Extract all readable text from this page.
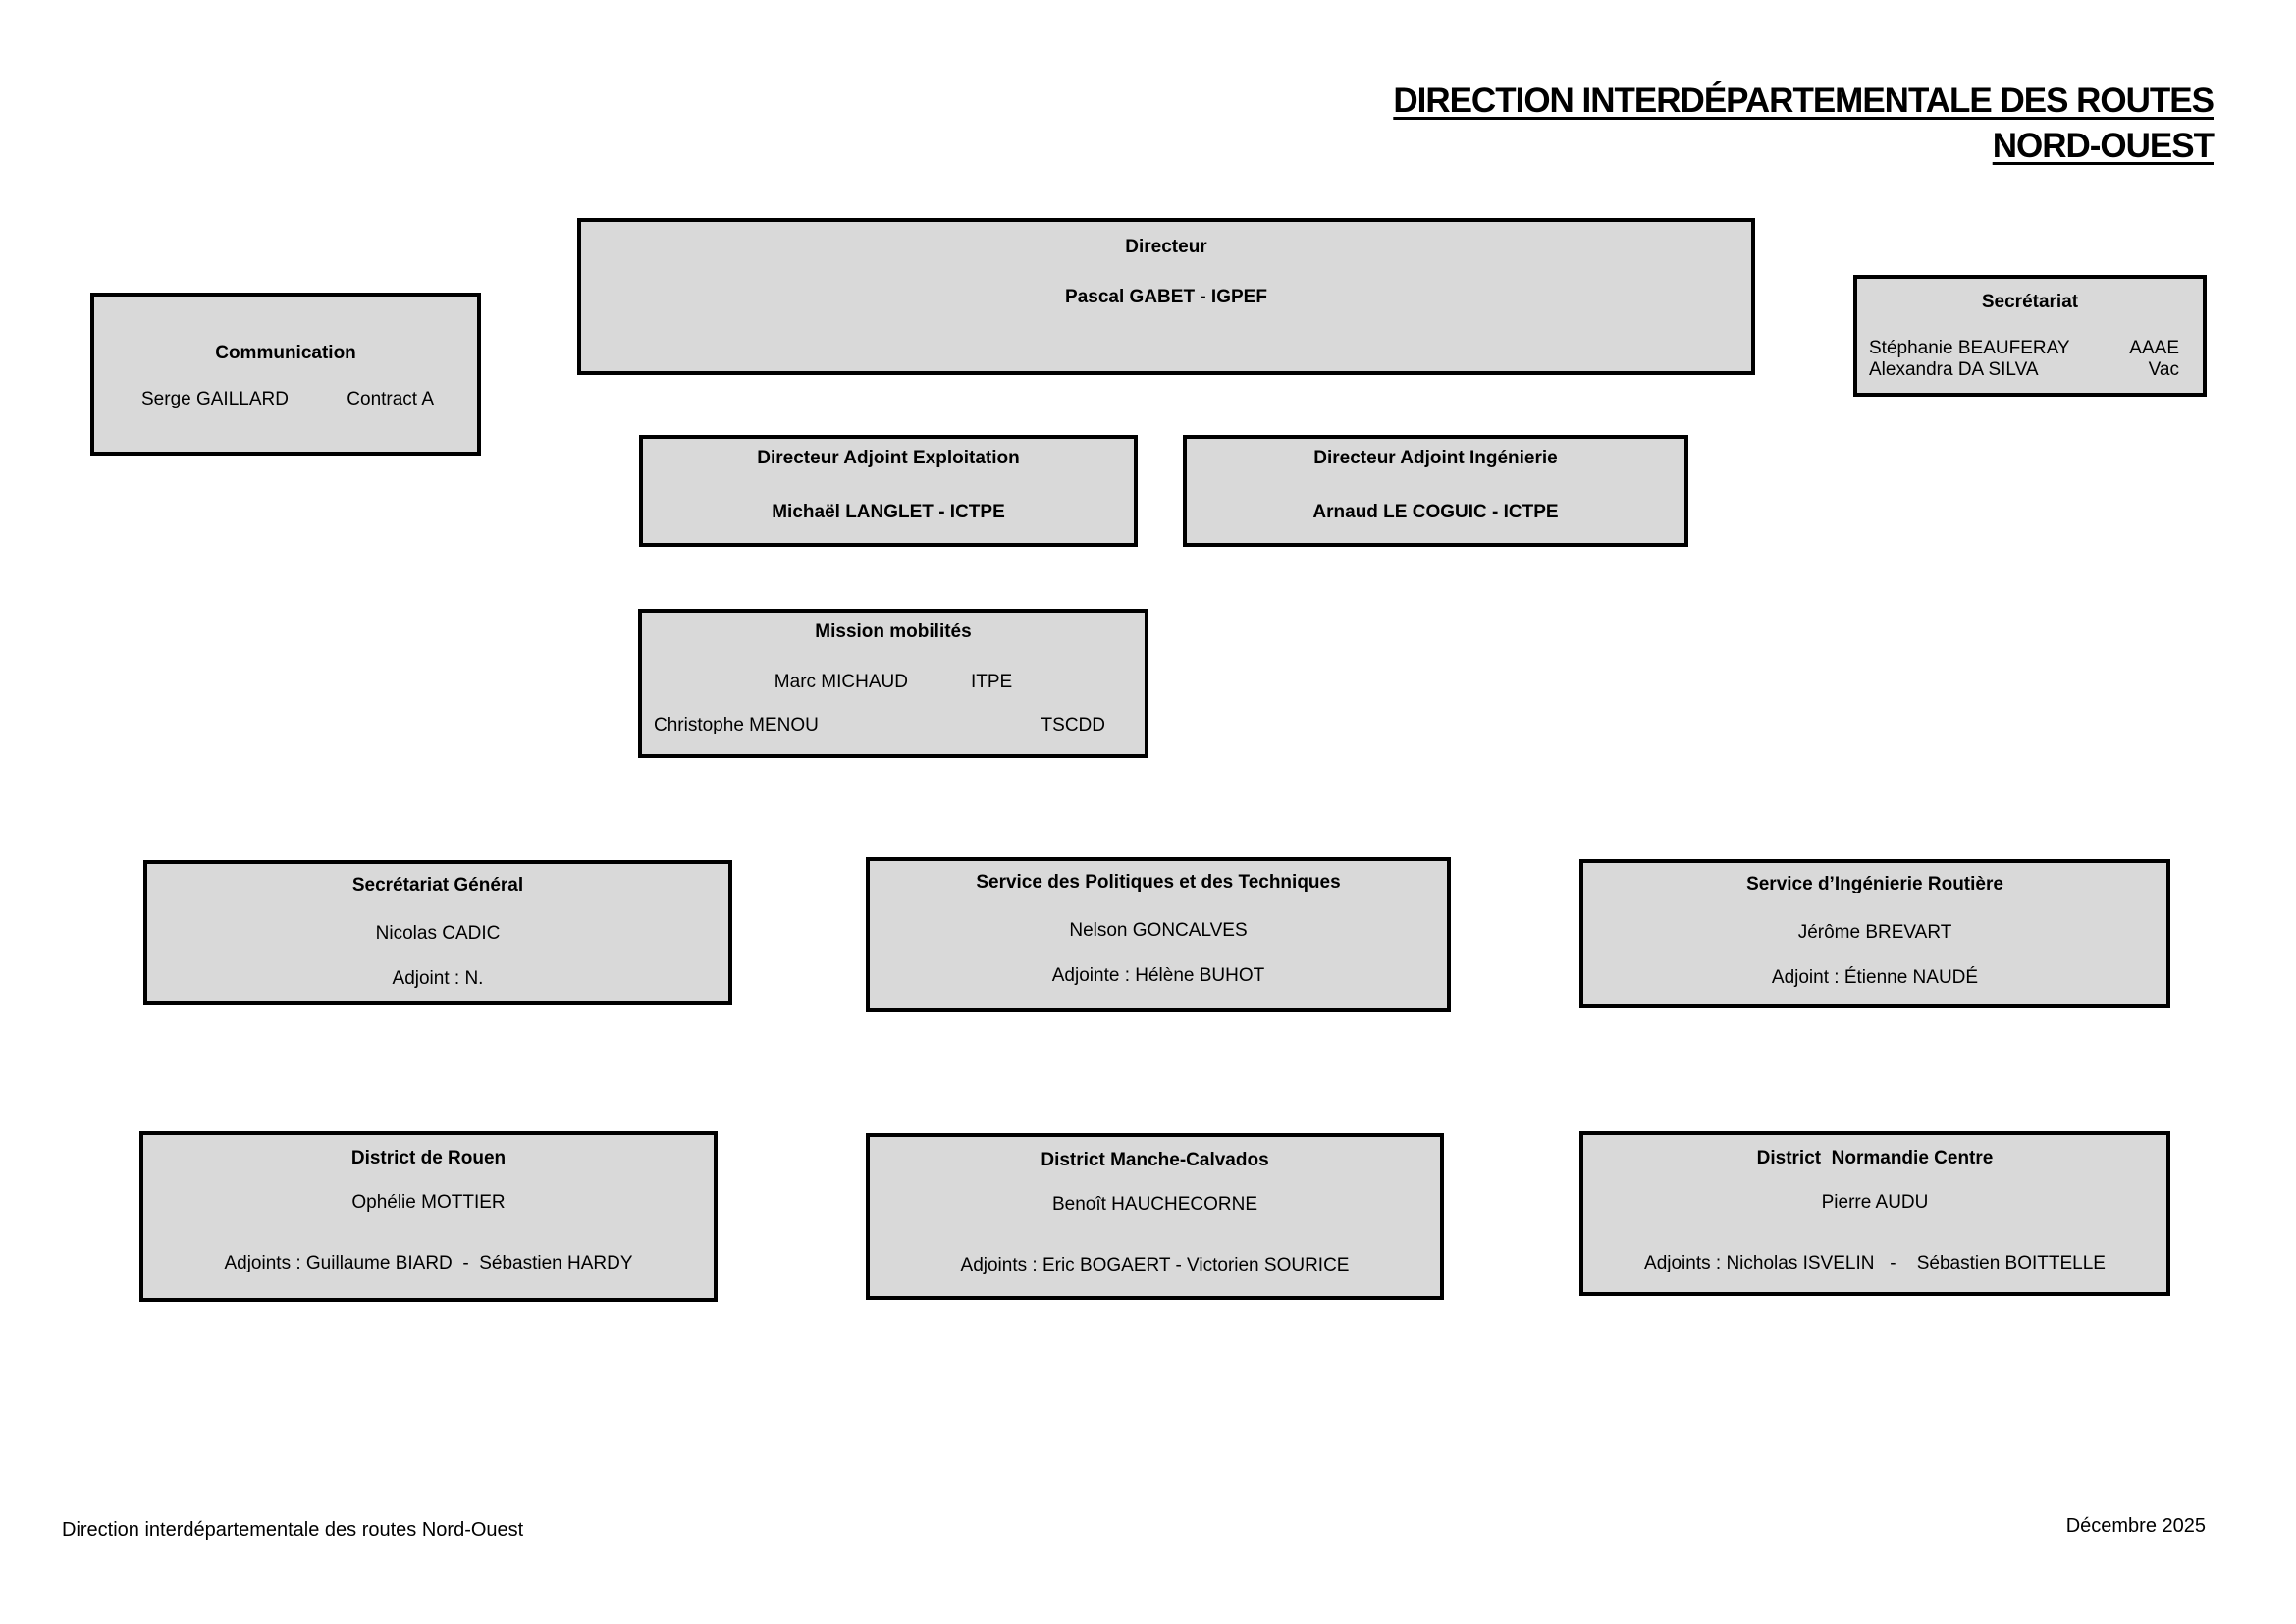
DIRECTION INTERDÉPARTEMENTALE DES ROUTES
NORD-OUEST
Directeur
Pascal GABET - IGPEF
Communication
Serge GAILLARD	Contract A
Secrétariat
Stéphanie BEAUFERAY	AAAE
Alexandra DA SILVA	Vac
Directeur Adjoint Exploitation
Michaël LANGLET - ICTPE
Directeur Adjoint Ingénierie
Arnaud LE COGUIC - ICTPE
Mission mobilités
Marc MICHAUD	ITPE
Christophe MENOU	TSCDD
Secrétariat Général
Nicolas CADIC
Adjoint : N.
Service des Politiques et des Techniques
Nelson GONCALVES
Adjointe : Hélène BUHOT
Service d’Ingénierie Routière
Jérôme BREVART
Adjoint : Étienne NAUDÉ
District de Rouen
Ophélie MOTTIER
Adjoints : Guillaume BIARD  -  Sébastien HARDY
District Manche-Calvados
Benoît HAUCHECORNE
Adjoints : Eric BOGAERT - Victorien SOURICE
District  Normandie Centre
Pierre AUDU
Adjoints : Nicholas ISVELIN   -    Sébastien BOITTELLE
Direction interdépartementale des routes Nord-Ouest	Décembre 2025
